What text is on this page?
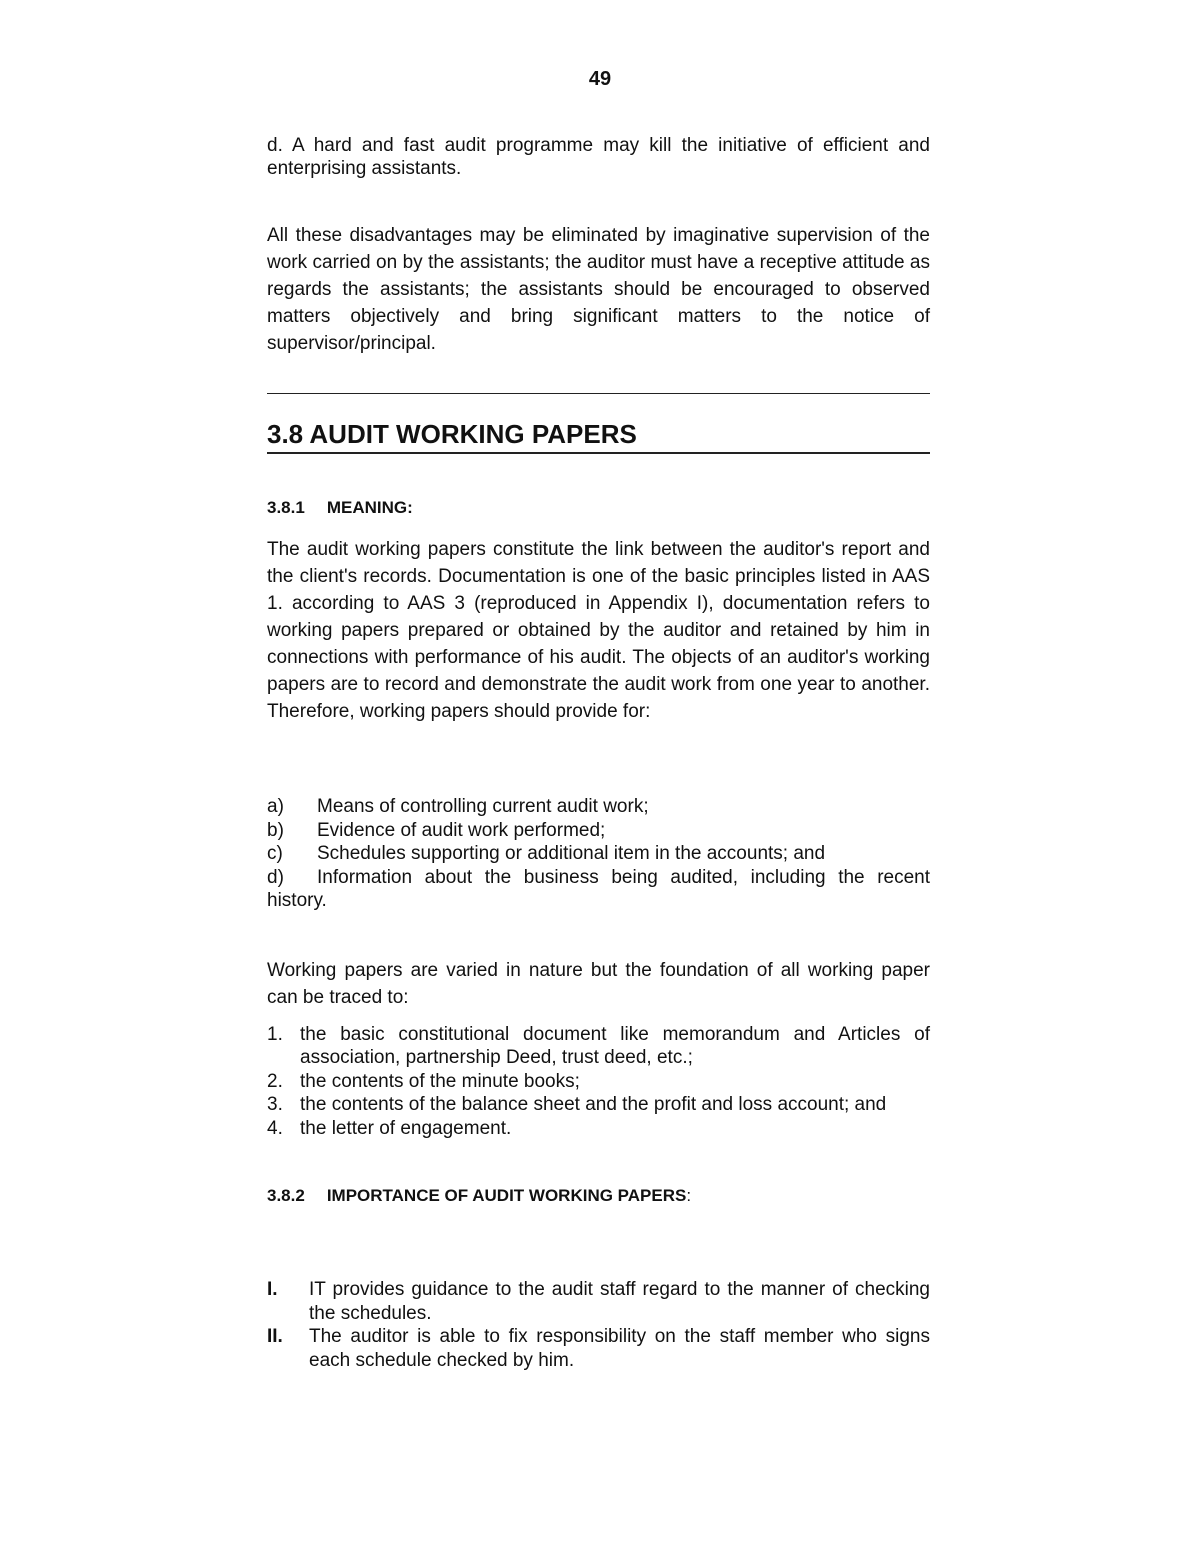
49

d. A hard and fast audit programme may kill the initiative of efficient and enterprising assistants.

All these disadvantages may be eliminated by imaginative supervision of the work carried on by the assistants; the auditor must have a receptive attitude as regards the assistants; the assistants should be encouraged to observed matters objectively and bring significant matters to the notice of supervisor/principal.

3.8 AUDIT WORKING PAPERS
3.8.1 MEANING:

The audit working papers constitute the link between the auditor's report and the client's records. Documentation is one of the basic principles listed in AAS 1. according to AAS 3 (reproduced in Appendix I), documentation refers to working papers prepared or obtained by the auditor and retained by him in connections with performance of his audit. The objects of an auditor's working papers are to record and demonstrate the audit work from one year to another. Therefore, working papers should provide for:

a)	Means of controlling current audit work;
b)	Evidence of audit work performed;
c)	Schedules supporting or additional item in the accounts; and
d) Information about the business being audited, including the recent history.

Working papers are varied in nature but the foundation of all working paper can be traced to:

1. the basic constitutional document like memorandum and Articles of association, partnership Deed, trust deed, etc.;
2. the contents of the minute books;
3. the contents of the balance sheet and the profit and loss account; and
4. the letter of engagement.
3.8.2 IMPORTANCE OF AUDIT WORKING PAPERS:
I.	IT provides guidance to the audit staff regard to the manner of checking the schedules.
II.	The auditor is able to fix responsibility on the staff member who signs each schedule checked by him.
